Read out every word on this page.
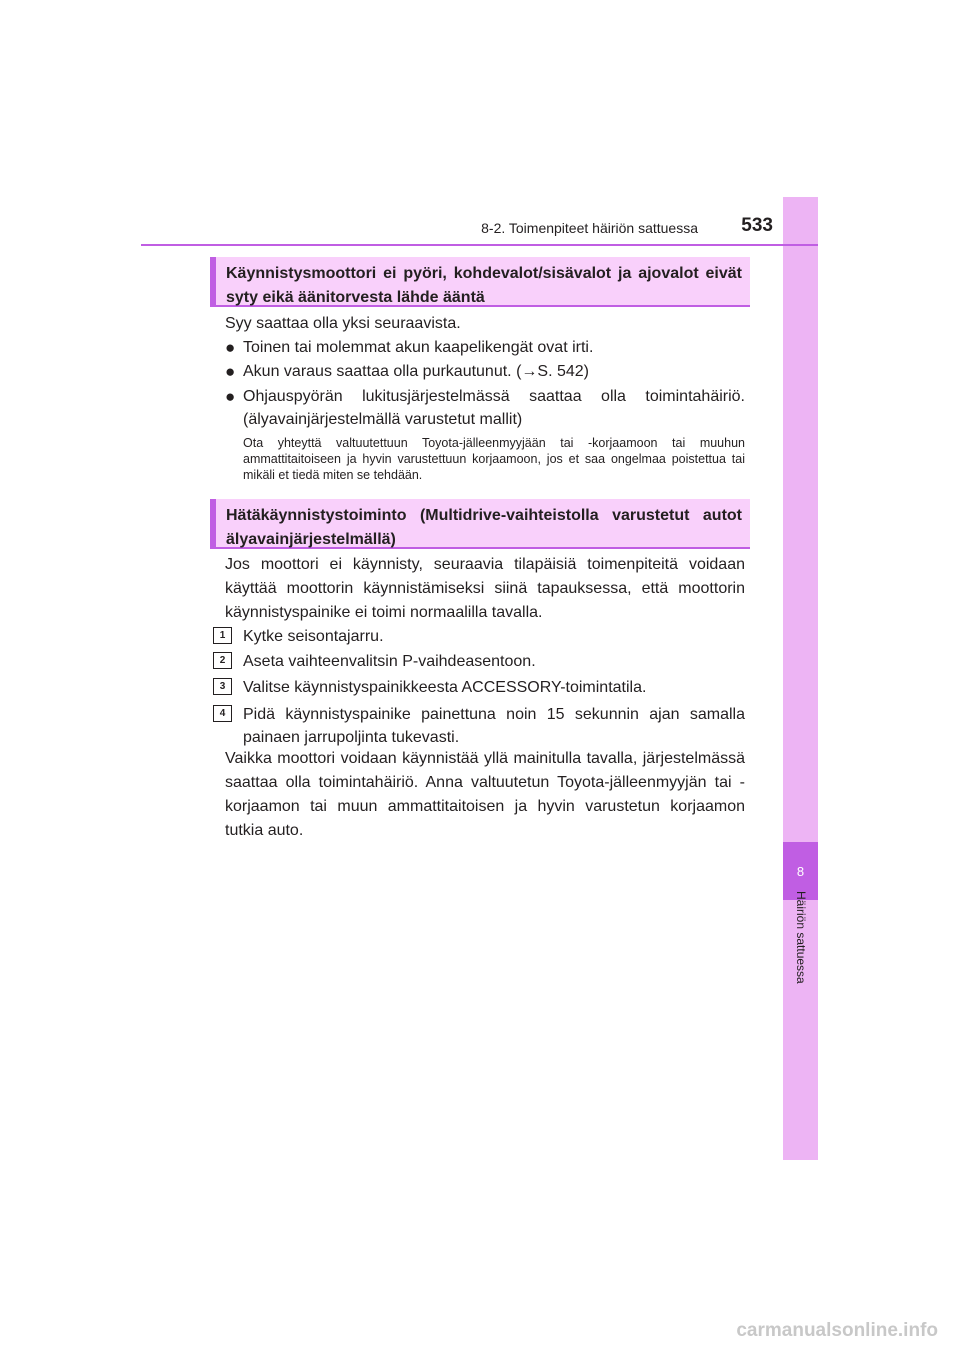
8
Häiriön sattuessa
8-2. Toimenpiteet häiriön sattuessa	533
Käynnistysmoottori ei pyöri, kohdevalot/sisävalot ja ajovalot eivät syty eikä äänitorvesta lähde ääntä
Syy saattaa olla yksi seuraavista.
● Toinen tai molemmat akun kaapelikengät ovat irti.
● Akun varaus saattaa olla purkautunut. (→S. 542)
● Ohjauspyörän lukitusjärjestelmässä saattaa olla toimintahäiriö. (älyavainjärjestelmällä varustetut mallit)
Ota yhteyttä valtuutettuun Toyota-jälleenmyyjään tai -korjaamoon tai muuhun ammattitaitoiseen ja hyvin varustettuun korjaamoon, jos et saa ongelmaa poistettua tai mikäli et tiedä miten se tehdään.
Hätäkäynnistystoiminto (Multidrive-vaihteistolla varustetut autot älyavainjärjestelmällä)
Jos moottori ei käynnisty, seuraavia tilapäisiä toimenpiteitä voidaan käyttää moottorin käynnistämiseksi siinä tapauksessa, että moottorin käynnistyspainike ei toimi normaalilla tavalla.
1	Kytke seisontajarru.
2	Aseta vaihteenvalitsin P-vaihdeasentoon.
3	Valitse käynnistyspainikkeesta ACCESSORY-toimintatila.
4	Pidä käynnistyspainike painettuna noin 15 sekunnin ajan samalla painaen jarrupoljinta tukevasti.
Vaikka moottori voidaan käynnistää yllä mainitulla tavalla, järjestelmässä saattaa olla toimintahäiriö. Anna valtuutetun Toyota-jälleenmyyjän tai -korjaamon tai muun ammattitaitoisen ja hyvin varustetun korjaamon tutkia auto.
carmanualsonline.info
